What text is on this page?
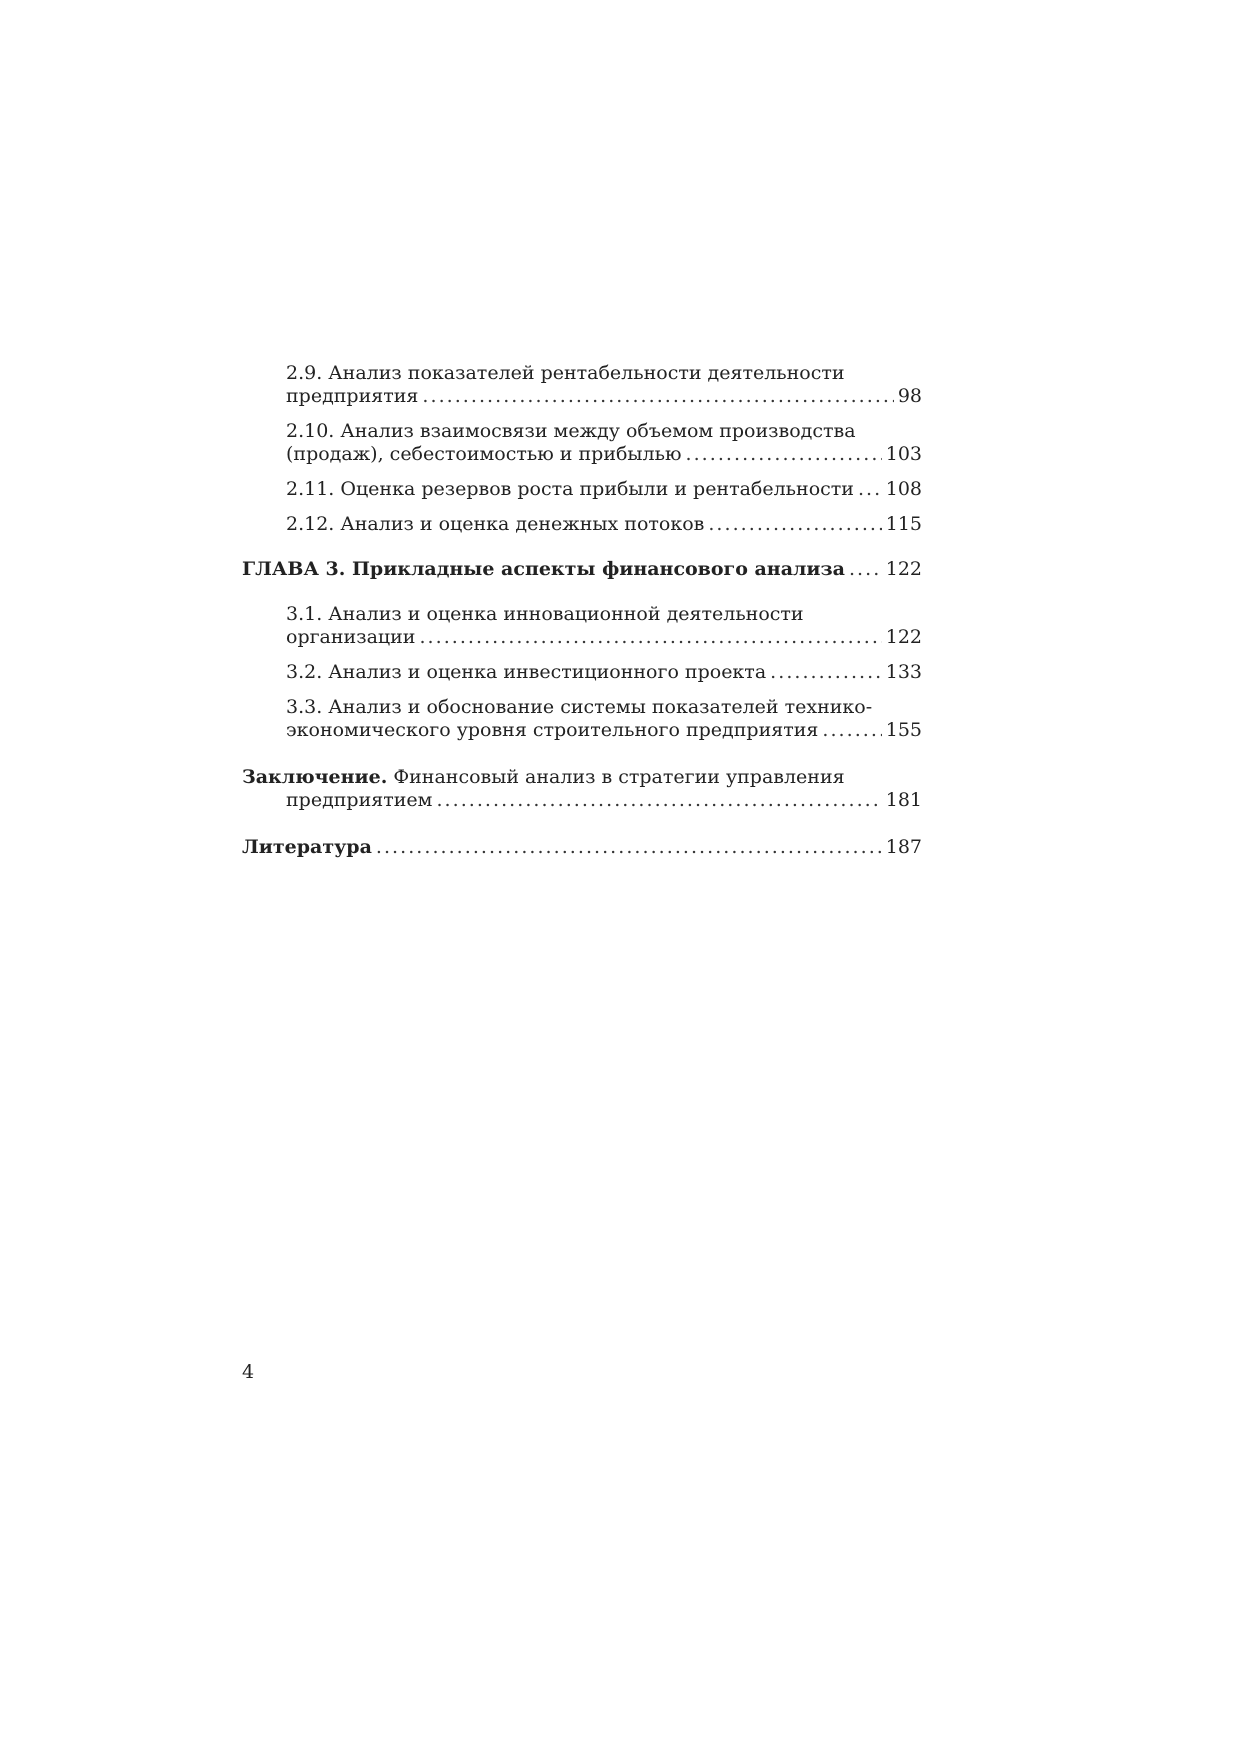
2.9. Анализ показателей рентабельности деятельности
предприятия . . .	98
2.10. Анализ взаимосвязи между объемом производства
(продаж), себестоимостью и прибылью . . .	103
2.11. Оценка резервов роста прибыли и рентабельности . . . 108
2.12. Анализ и оценка денежных потоков . . .	115
ГЛАВА 3. Прикладные аспекты финансового анализа . . . 122
3.1. Анализ и оценка инновационной деятельности
организации . . .	122
3.2. Анализ и оценка инвестиционного проекта . . .	133
3.3. Анализ и обоснование системы показателей технико-
экономического уровня строительного предприятия . . .	155
Заключение. Финансовый анализ в стратегии управления
предприятием . . .	181
Литература . . .	187
4
